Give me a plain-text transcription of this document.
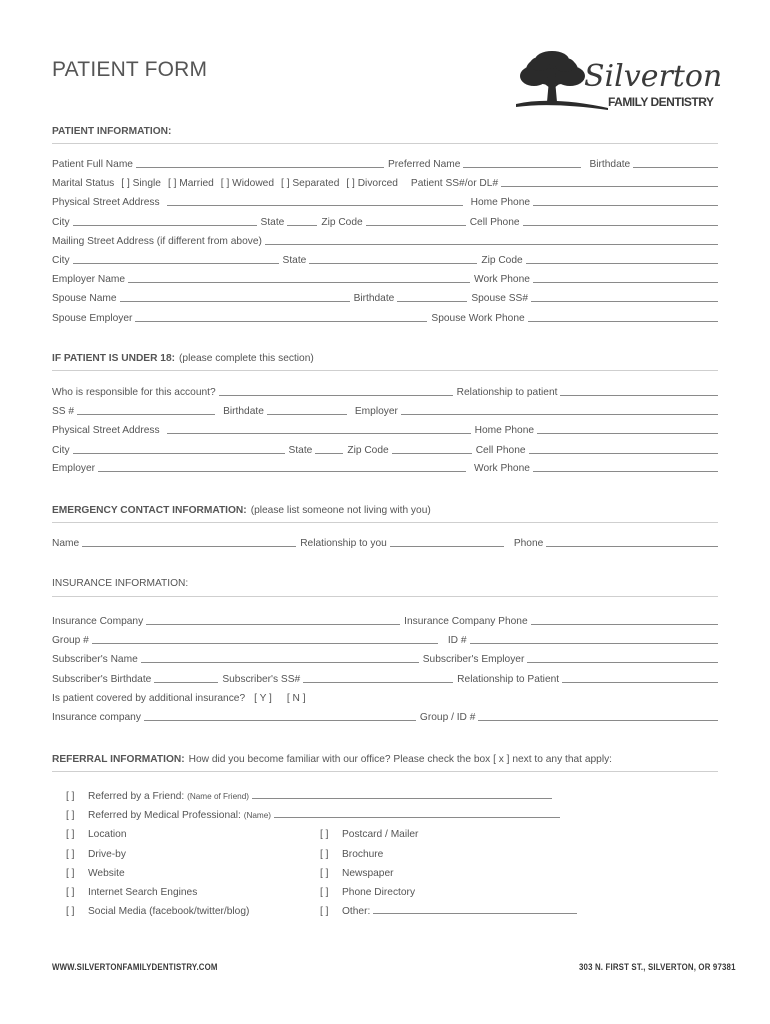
PATIENT FORM	Silverton
FAMILY DENTISTRY
PATIENT INFORMATION:
Patient Full Name	Preferred Name	Birthdate
Marital Status [ ] Single [ ] Married [ ] Widowed [ ] Separated [ ] Divorced	Patient SS#/or DL#
Physical Street Address	Home Phone
City	State	Zip Code	Cell Phone
Mailing Street Address (if different from above)
City	State	Zip Code
Employer Name	Work Phone
Spouse Name	Birthdate	Spouse SS#
Spouse Employer	Spouse Work Phone
IF PATIENT IS UNDER 18: (please complete this section)
Who is responsible for this account?	Relationship to patient
SS #	Birthdate	Employer
Physical Street Address	Home Phone
City	State	Zip Code	Cell Phone
Employer	Work Phone
EMERGENCY CONTACT INFORMATION: (please list someone not living with you)
Name	Relationship to you	Phone
INSURANCE INFORMATION:
Insurance Company	Insurance Company Phone
Group #	ID #
Subscriber's Name	Subscriber's Employer
Subscriber's Birthdate	Subscriber's SS#	Relationship to Patient
Is patient covered by additional insurance? [ Y ]	[ N ]
Insurance company	Group / ID #
REFERRAL INFORMATION: How did you become familiar with our office? Please check the box [ x ] next to any that apply:
[ ] Referred by a Friend: (Name of Friend)
[ ] Referred by Medical Professional: (Name)
[ ] Location
[ ] Drive-by
[ ] Website
[ ] Internet Search Engines
[ ] Social Media (facebook/twitter/blog)
[ ] Postcard / Mailer
[ ] Brochure
[ ] Newspaper
[ ] Phone Directory
[ ] Other:
WWW.SILVERTONFAMILYDENTISTRY.COM	303 N. FIRST ST., SILVERTON, OR 97381
